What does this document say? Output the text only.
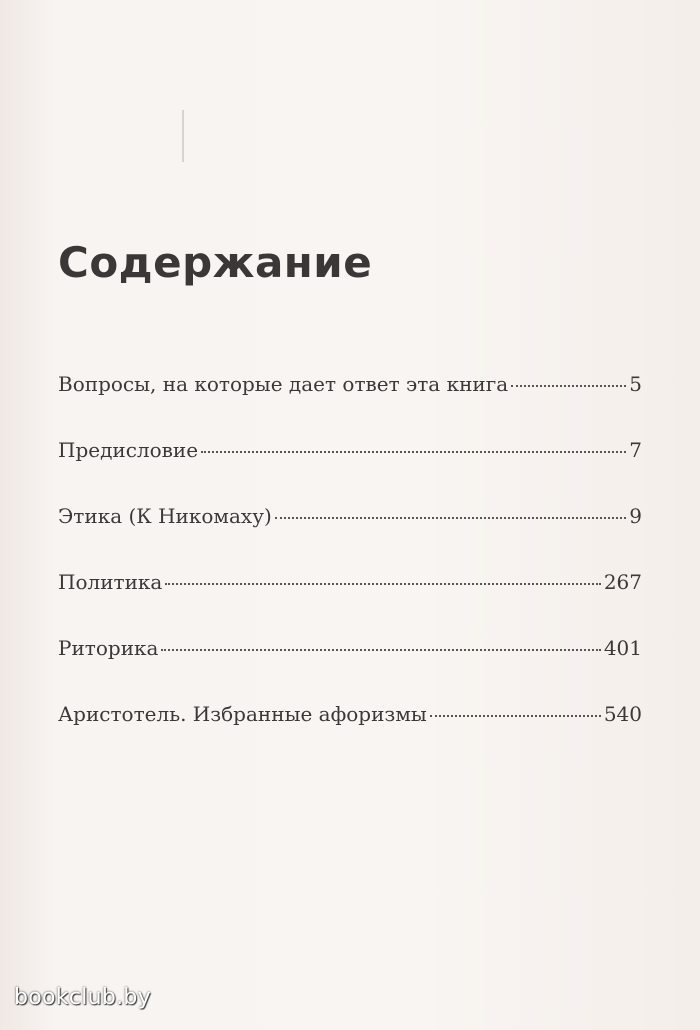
Содержание
Вопросы, на которые дает ответ эта книга	5
Предисловие	7
Этика (К Никомаху)	9
Политика	267
Риторика	401
Аристотель. Избранные афоризмы	540
bookclub.by
